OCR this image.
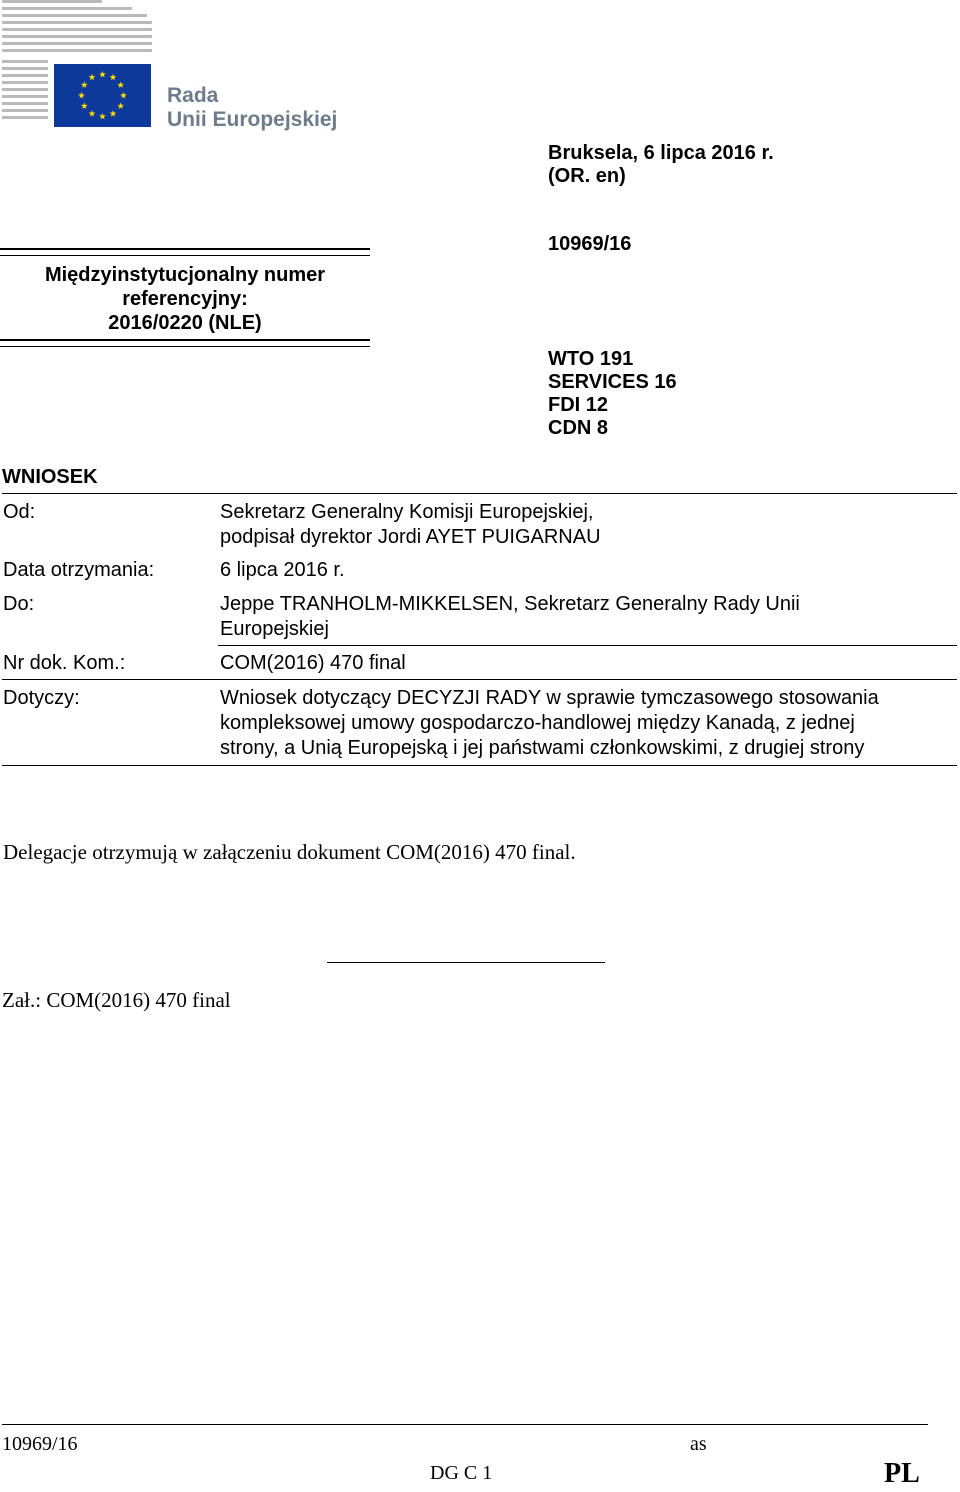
Rada
Unii Europejskiej
Bruksela, 6 lipca 2016 r.
(OR. en)
10969/16
WTO 191
SERVICES 16
FDI 12
CDN 8
Międzyinstytucjonalny numer
referencyjny:
2016/0220 (NLE)
WNIOSEK
Od:	Sekretarz Generalny Komisji Europejskiej,
podpisał dyrektor Jordi AYET PUIGARNAU
Data otrzymania:	6 lipca 2016 r.
Do:	Jeppe TRANHOLM-MIKKELSEN, Sekretarz Generalny Rady Unii
Europejskiej
Nr dok. Kom.:	COM(2016) 470 final
Dotyczy:	Wniosek dotyczący DECYZJI RADY w sprawie tymczasowego stosowania
kompleksowej umowy gospodarczo-handlowej między Kanadą, z jednej
strony, a Unią Europejską i jej państwami członkowskimi, z drugiej strony
Delegacje otrzymują w załączeniu dokument COM(2016) 470 final.
Zał.: COM(2016) 470 final
10969/16	as
DG C 1	PL
